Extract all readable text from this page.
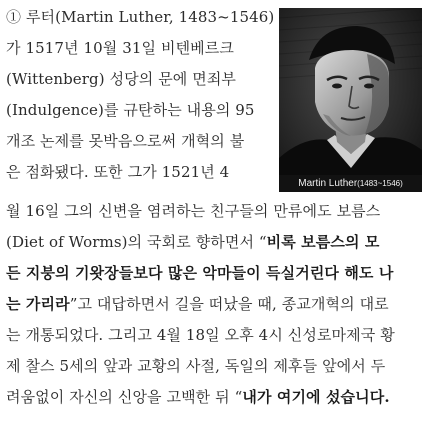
Martin Luther(1483~1546)
① 루터(Martin Luther, 1483~1546)
가 1517년 10월 31일 비텐베르크
(Wittenberg) 성당의 문에 면죄부
(Indulgence)를 규탄하는 내용의 95
개조 논제를 못박음으로써 개혁의 불
은 점화됐다. 또한 그가 1521년 4
월 16일 그의 신변을 염려하는 친구들의 만류에도 보름스
(Diet of Worms)의 국회로 향하면서 “비록 보름스의 모
든 지붕의 기왓장들보다 많은 악마들이 득실거린다 해도 나
는 가리라”고 대답하면서 길을 떠났을 때, 종교개혁의 대로
는 개통되었다. 그리고 4월 18일 오후 4시 신성로마제국 황
제 찰스 5세의 앞과 교황의 사절, 독일의 제후들 앞에서 두
려움없이 자신의 신앙을 고백한 뒤 “내가 여기에 섰습니다.
